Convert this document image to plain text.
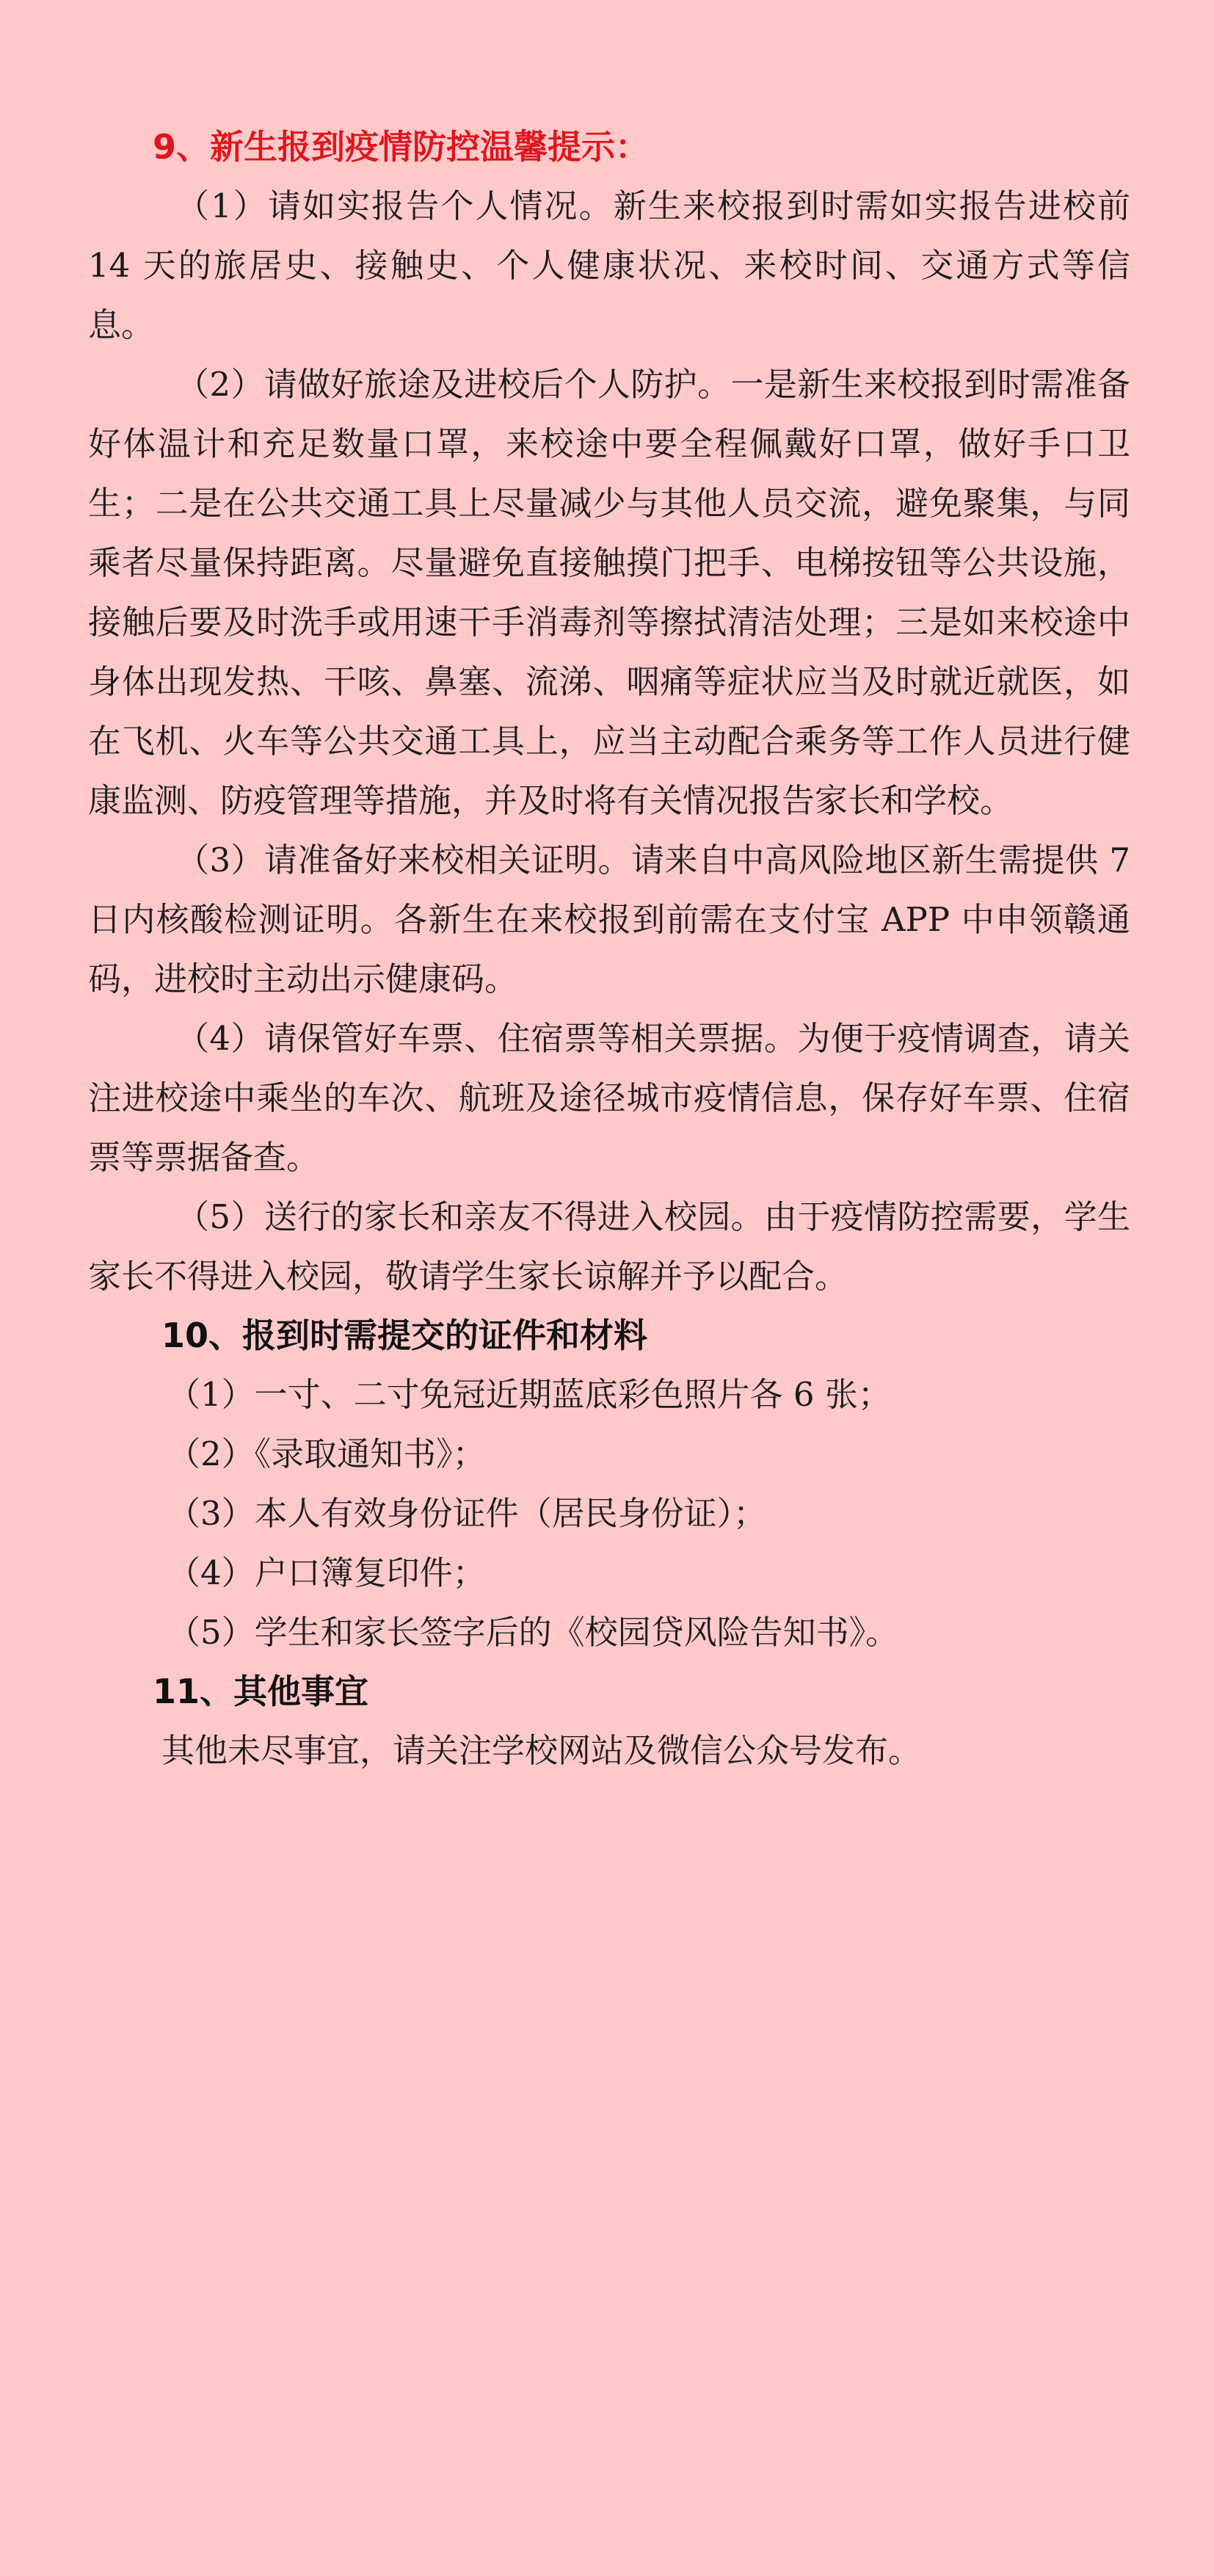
9、新生报到疫情防控温馨提示：

（1）请如实报告个人情况。新生来校报到时需如实报告进校前 14 天的旅居史、接触史、个人健康状况、来校时间、交通方式等信息。

（2）请做好旅途及进校后个人防护。一是新生来校报到时需准备好体温计和充足数量口罩，来校途中要全程佩戴好口罩，做好手口卫生；二是在公共交通工具上尽量减少与其他人员交流，避免聚集，与同乘者尽量保持距离。尽量避免直接触摸门把手、电梯按钮等公共设施，接触后要及时洗手或用速干手消毒剂等擦拭清洁处理；三是如来校途中身体出现发热、干咳、鼻塞、流涕、咽痛等症状应当及时就近就医，如在飞机、火车等公共交通工具上，应当主动配合乘务等工作人员进行健康监测、防疫管理等措施，并及时将有关情况报告家长和学校。

（3）请准备好来校相关证明。请来自中高风险地区新生需提供 7 日内核酸检测证明。各新生在来校报到前需在支付宝 APP 中申领赣通码，进校时主动出示健康码。

（4）请保管好车票、住宿票等相关票据。为便于疫情调查，请关注进校途中乘坐的车次、航班及途径城市疫情信息，保存好车票、住宿票等票据备查。

（5）送行的家长和亲友不得进入校园。由于疫情防控需要，学生家长不得进入校园，敬请学生家长谅解并予以配合。

10、报到时需提交的证件和材料

（1）一寸、二寸免冠近期蓝底彩色照片各 6 张；

（2）《录取通知书》；

（3）本人有效身份证件（居民身份证）；

（4）户口簿复印件；

（5）学生和家长签字后的《校园贷风险告知书》。

11、其他事宜

其他未尽事宜，请关注学校网站及微信公众号发布。
